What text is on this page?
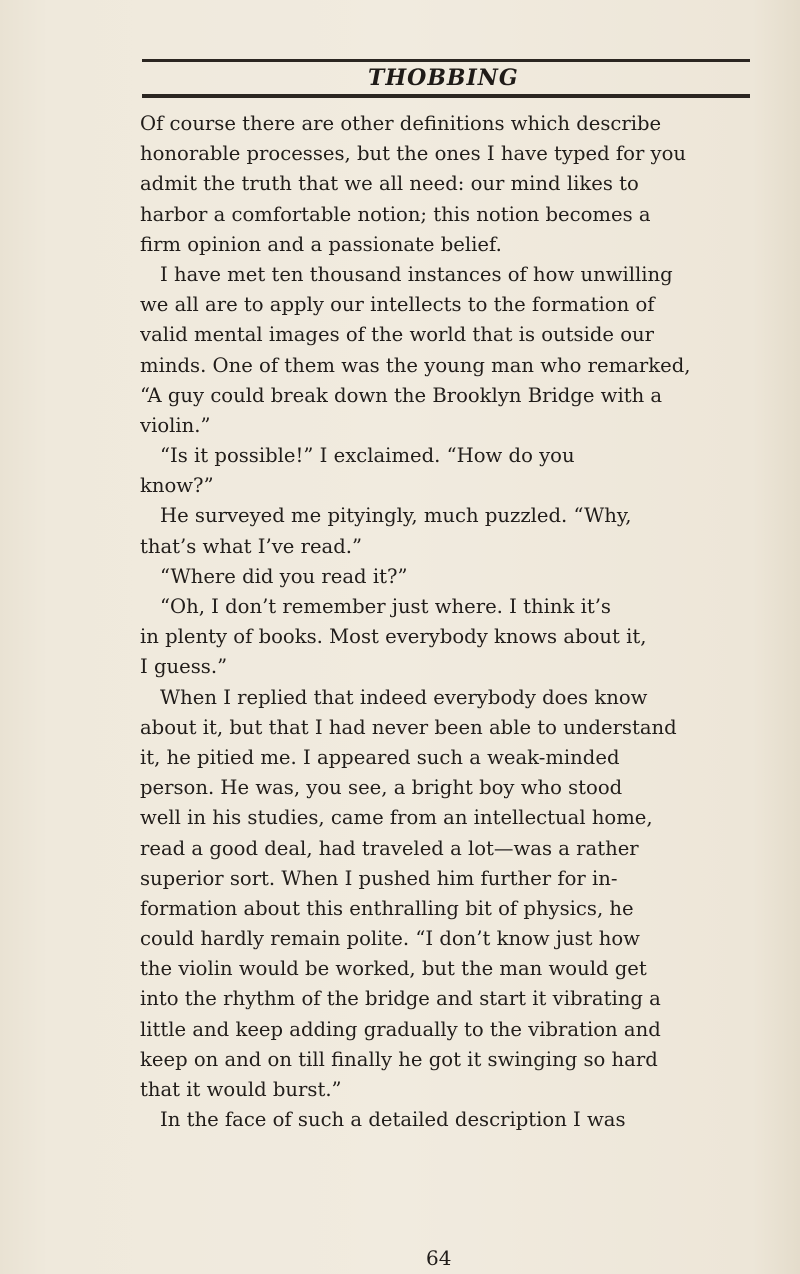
THOBBING
Of course there are other definitions which describe
honorable processes, but the ones I have typed for you
admit the truth that we all need: our mind likes to
harbor a comfortable notion; this notion becomes a
firm opinion and a passionate belief.
I have met ten thousand instances of how unwilling
we all are to apply our intellects to the formation of
valid mental images of the world that is outside our
minds. One of them was the young man who remarked,
“A guy could break down the Brooklyn Bridge with a
violin.”
“Is it possible!” I exclaimed. “How do you
know?”
He surveyed me pityingly, much puzzled. “Why,
that’s what I’ve read.”
“Where did you read it?”
“Oh, I don’t remember just where. I think it’s
in plenty of books. Most everybody knows about it,
I guess.”
When I replied that indeed everybody does know
about it, but that I had never been able to understand
it, he pitied me. I appeared such a weak-minded
person. He was, you see, a bright boy who stood
well in his studies, came from an intellectual home,
read a good deal, had traveled a lot—was a rather
superior sort. When I pushed him further for in-
formation about this enthralling bit of physics, he
could hardly remain polite. “I don’t know just how
the violin would be worked, but the man would get
into the rhythm of the bridge and start it vibrating a
little and keep adding gradually to the vibration and
keep on and on till finally he got it swinging so hard
that it would burst.”
In the face of such a detailed description I was
64
